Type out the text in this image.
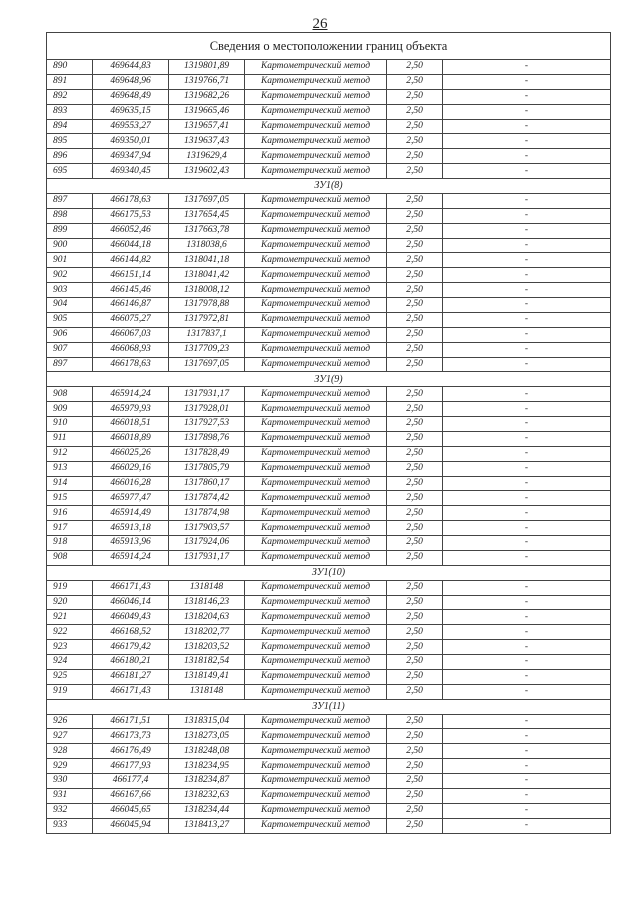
26
Сведения о местоположении границ объекта					
890	469644,83	1319801,89	Картометрический метод	2,50	-
891	469648,96	1319766,71	Картометрический метод	2,50	-
892	469648,49	1319682,26	Картометрический метод	2,50	-
893	469635,15	1319665,46	Картометрический метод	2,50	-
894	469553,27	1319657,41	Картометрический метод	2,50	-
895	469350,01	1319637,43	Картометрический метод	2,50	-
896	469347,94	1319629,4	Картометрический метод	2,50	-
695	469340,45	1319602,43	Картометрический метод	2,50	-
ЗУ1(8)					
897	466178,63	1317697,05	Картометрический метод	2,50	-
898	466175,53	1317654,45	Картометрический метод	2,50	-
899	466052,46	1317663,78	Картометрический метод	2,50	-
900	466044,18	1318038,6	Картометрический метод	2,50	-
901	466144,82	1318041,18	Картометрический метод	2,50	-
902	466151,14	1318041,42	Картометрический метод	2,50	-
903	466145,46	1318008,12	Картометрический метод	2,50	-
904	466146,87	1317978,88	Картометрический метод	2,50	-
905	466075,27	1317972,81	Картометрический метод	2,50	-
906	466067,03	1317837,1	Картометрический метод	2,50	-
907	466068,93	1317709,23	Картометрический метод	2,50	-
897	466178,63	1317697,05	Картометрический метод	2,50	-
ЗУ1(9)					
908	465914,24	1317931,17	Картометрический метод	2,50	-
909	465979,93	1317928,01	Картометрический метод	2,50	-
910	466018,51	1317927,53	Картометрический метод	2,50	-
911	466018,89	1317898,76	Картометрический метод	2,50	-
912	466025,26	1317828,49	Картометрический метод	2,50	-
913	466029,16	1317805,79	Картометрический метод	2,50	-
914	466016,28	1317860,17	Картометрический метод	2,50	-
915	465977,47	1317874,42	Картометрический метод	2,50	-
916	465914,49	1317874,98	Картометрический метод	2,50	-
917	465913,18	1317903,57	Картометрический метод	2,50	-
918	465913,96	1317924,06	Картометрический метод	2,50	-
908	465914,24	1317931,17	Картометрический метод	2,50	-
ЗУ1(10)					
919	466171,43	1318148	Картометрический метод	2,50	-
920	466046,14	1318146,23	Картометрический метод	2,50	-
921	466049,43	1318204,63	Картометрический метод	2,50	-
922	466168,52	1318202,77	Картометрический метод	2,50	-
923	466179,42	1318203,52	Картометрический метод	2,50	-
924	466180,21	1318182,54	Картометрический метод	2,50	-
925	466181,27	1318149,41	Картометрический метод	2,50	-
919	466171,43	1318148	Картометрический метод	2,50	-
ЗУ1(11)					
926	466171,51	1318315,04	Картометрический метод	2,50	-
927	466173,73	1318273,05	Картометрический метод	2,50	-
928	466176,49	1318248,08	Картометрический метод	2,50	-
929	466177,93	1318234,95	Картометрический метод	2,50	-
930	466177,4	1318234,87	Картометрический метод	2,50	-
931	466167,66	1318232,63	Картометрический метод	2,50	-
932	466045,65	1318234,44	Картометрический метод	2,50	-
933	466045,94	1318413,27	Картометрический метод	2,50	-
